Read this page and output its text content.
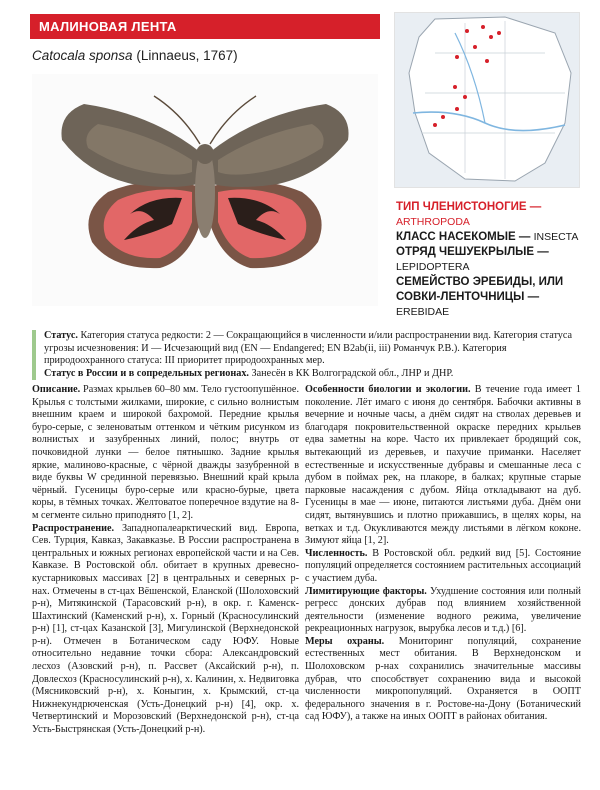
МАЛИНОВАЯ ЛЕНТА
Catocala sponsa (Linnaeus, 1767)
ТИП ЧЛЕНИСТОНОГИЕ —

ARTHROPODA
КЛАСС НАСЕКОМЫЕ — INSECTA
ОТРЯД ЧЕШУЕКРЫЛЫЕ —
LEPIDOPTERA
СЕМЕЙСТВО ЭРЕБИДЫ, ИЛИ СОВКИ-ЛЕНТОЧНИЦЫ — EREBIDAE

Статус. Категория статуса редкости: 2 — Сокращающийся в численности и/или распространении вид. Категория статуса угрозы исчезновения: И — Исчезающий вид (EN — Endangered; EN B2ab(ii, iii) Романчук Р.В.). Категория природоохранного статуса: III приоритет природоохранных мер.

Статус в России и в сопредельных регионах. Занесён в КК Волгоградской обл., ЛНР и ДНР.

Описание. Размах крыльев 60–80 мм. Тело густоопушённое. Крылья с толстыми жилками, широкие, с сильно волнистым внешним краем и широкой бахромой. Передние крылья буро-серые, с зеленоватым оттенком и чётким рисунком из волнистых и зазубренных линий, полос; внутрь от почковидной лунки — белое пятнышко. Задние крылья яркие, малиново-красные, с чёрной дважды зазубренной в виде буквы W срединной перевязью. Внешний край крыла чёрный. Гусеницы буро-серые или красно-бурые, цвета коры, в тёмных точках. Желтоватое поперечное вздутие на 8-м сегменте сильно приподнято [1, 2].

Распространение. Западнопалеарктический вид. Европа, Сев. Турция, Кавказ, Закавказье. В России распространена в центральных и южных регионах европейской части и на Сев. Кавказе. В Ростовской обл. обитает в крупных древесно-кустарниковых массивах [2] в центральных и северных р-нах. Отмечены в ст-цах Вёшенской, Еланской (Шолоховский р-н), Митякинской (Тарасовский р-н), в окр. г. Каменск-Шахтинский (Каменский р-н), х. Горный (Красносулинский р-н) [1], ст-цах Казанской [3], Мигулинской (Верхнедонской р-н). Отмечен в Ботаническом саду ЮФУ. Новые относительно недавние точки сбора: Александровский лесхоз (Азовский р-н), п. Рассвет (Аксайский р-н), п. Довлесхоз (Красносулинский р-н), х. Калинин, х. Недвиговка (Мясниковский р-н), х. Коныгин, х. Крымский, ст-ца Нижнекундрюченская (Усть-Донецкий р-н) [4], окр. х. Четвертинский и Морозовский (Верхнедонской р-н), ст-ца Усть-Быстрянская (Усть-Донецкий р-н).

Особенности биологии и экологии. В течение года имеет 1 поколение. Лёт имаго с июня до сентября. Бабочки активны в вечерние и ночные часы, а днём сидят на стволах деревьев и благодаря покровительственной окраске передних крыльев едва заметны на коре. Часто их привлекает бродящий сок, вытекающий из деревьев, и пахучие приманки. Населяет естественные и искусственные дубравы и смешанные леса с дубом в поймах рек, на плакоре, в балках; крупные старые парковые насаждения с дубом. Яйца откладывают на дуб. Гусеницы в мае — июне, питаются листьями дуба. Днём они сидят, вытянувшись и плотно прижавшись, в щелях коры, на ветках и т.д. Окукливаются между листьями в лёгком коконе. Зимуют яйца [1, 2].

Численность. В Ростовской обл. редкий вид [5]. Состояние популяций определяется состоянием растительных ассоциаций с участием дуба.

Лимитирующие факторы. Ухудшение состояния или полный регресс донских дубрав под влиянием хозяйственной деятельности (изменение водного режима, увеличение рекреационных нагрузок, вырубка лесов и т.д.) [6].

Меры охраны. Мониторинг популяций, сохранение естественных мест обитания. В Верхнедонском и Шолоховском р-нах сохранились значительные массивы дубрав, что способствует сохранению вида и высокой численности микропопуляций. Охраняется в ООПТ федерального значения в г. Ростове-на-Дону (Ботанический сад ЮФУ), а также на иных ООПТ в районах обитания.
